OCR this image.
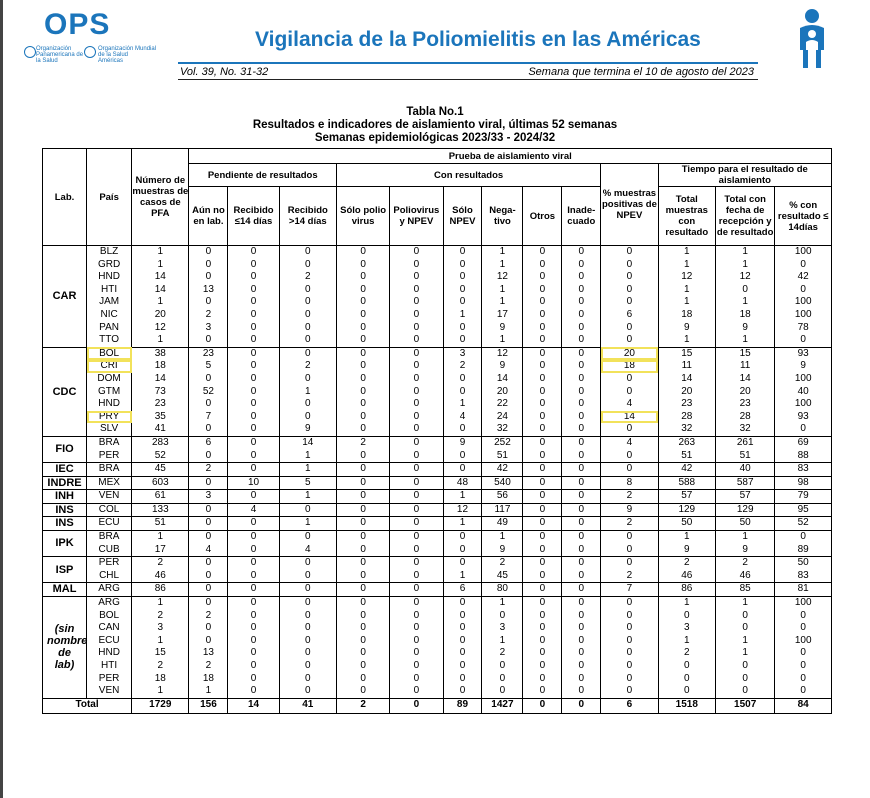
OPS
Organización Panamericana de la Salud
Organización Mundial de la Salud
Américas
Vigilancia de la Poliomielitis en las Américas
Vol. 39, No. 31-32	Semana que termina el 10 de agosto del 2023
Tabla No.1
Resultados e indicadores de aislamiento viral, últimas 52 semanas
Semanas epidemiológicas 2023/33 - 2024/32
Lab.	País	Número de muestras de casos de PFA	Prueba de aislamiento viral												
			Pendiente de resultados			Con resultados						% muestras positivas de NPEV	Tiempo para el resultado de aislamiento		
			Aún no en lab.	Recibido ≤14 días	Recibido >14 días	Sólo polio virus	Poliovirus y NPEV	Sólo NPEV	Nega- tivo	Otros	Inade- cuado		Total muestras con resultado	Total con fecha de recepción y de resultado	% con resultado ≤ 14días
CAR	BLZ	1	0	0	0	0	0	0	1	0	0	0	1	1	100
	GRD	1	0	0	0	0	0	0	1	0	0	0	1	1	0
	HND	14	0	0	2	0	0	0	12	0	0	0	12	12	42
	HTI	14	13	0	0	0	0	0	1	0	0	0	1	0	0
	JAM	1	0	0	0	0	0	0	1	0	0	0	1	1	100
	NIC	20	2	0	0	0	0	1	17	0	0	6	18	18	100
	PAN	12	3	0	0	0	0	0	9	0	0	0	9	9	78
	TTO	1	0	0	0	0	0	0	1	0	0	0	1	1	0
CDC	BOL	38	23	0	0	0	0	3	12	0	0	20	15	15	93
	CRI	18	5	0	2	0	0	2	9	0	0	18	11	11	9
	DOM	14	0	0	0	0	0	0	14	0	0	0	14	14	100
	GTM	73	52	0	1	0	0	0	20	0	0	0	20	20	40
	HND	23	0	0	0	0	0	1	22	0	0	4	23	23	100
	PRY	35	7	0	0	0	0	4	24	0	0	14	28	28	93
	SLV	41	0	0	9	0	0	0	32	0	0	0	32	32	0
FIO	BRA	283	6	0	14	2	0	9	252	0	0	4	263	261	69
	PER	52	0	0	1	0	0	0	51	0	0	0	51	51	88
IEC	BRA	45	2	0	1	0	0	0	42	0	0	0	42	40	83
INDRE	MEX	603	0	10	5	0	0	48	540	0	0	8	588	587	98
INH	VEN	61	3	0	1	0	0	1	56	0	0	2	57	57	79
INS	COL	133	0	4	0	0	0	12	117	0	0	9	129	129	95
INS	ECU	51	0	0	1	0	0	1	49	0	0	2	50	50	52
IPK	BRA	1	0	0	0	0	0	0	1	0	0	0	1	1	0
	CUB	17	4	0	4	0	0	0	9	0	0	0	9	9	89
ISP	PER	2	0	0	0	0	0	0	2	0	0	0	2	2	50
	CHL	46	0	0	0	0	0	1	45	0	0	2	46	46	83
MAL	ARG	86	0	0	0	0	0	6	80	0	0	7	86	85	81
(sin nombre de lab)	ARG	1	0	0	0	0	0	0	1	0	0	0	1	1	100
	BOL	2	2	0	0	0	0	0	0	0	0	0	0	0	0
	CAN	3	0	0	0	0	0	0	3	0	0	0	3	0	0
	ECU	1	0	0	0	0	0	0	1	0	0	0	1	1	100
	HND	15	13	0	0	0	0	0	2	0	0	0	2	1	0
	HTI	2	2	0	0	0	0	0	0	0	0	0	0	0	0
	PER	18	18	0	0	0	0	0	0	0	0	0	0	0	0
	VEN	1	1	0	0	0	0	0	0	0	0	0	0	0	0
Total		1729	156	14	41	2	0	89	1427	0	0	6	1518	1507	84
